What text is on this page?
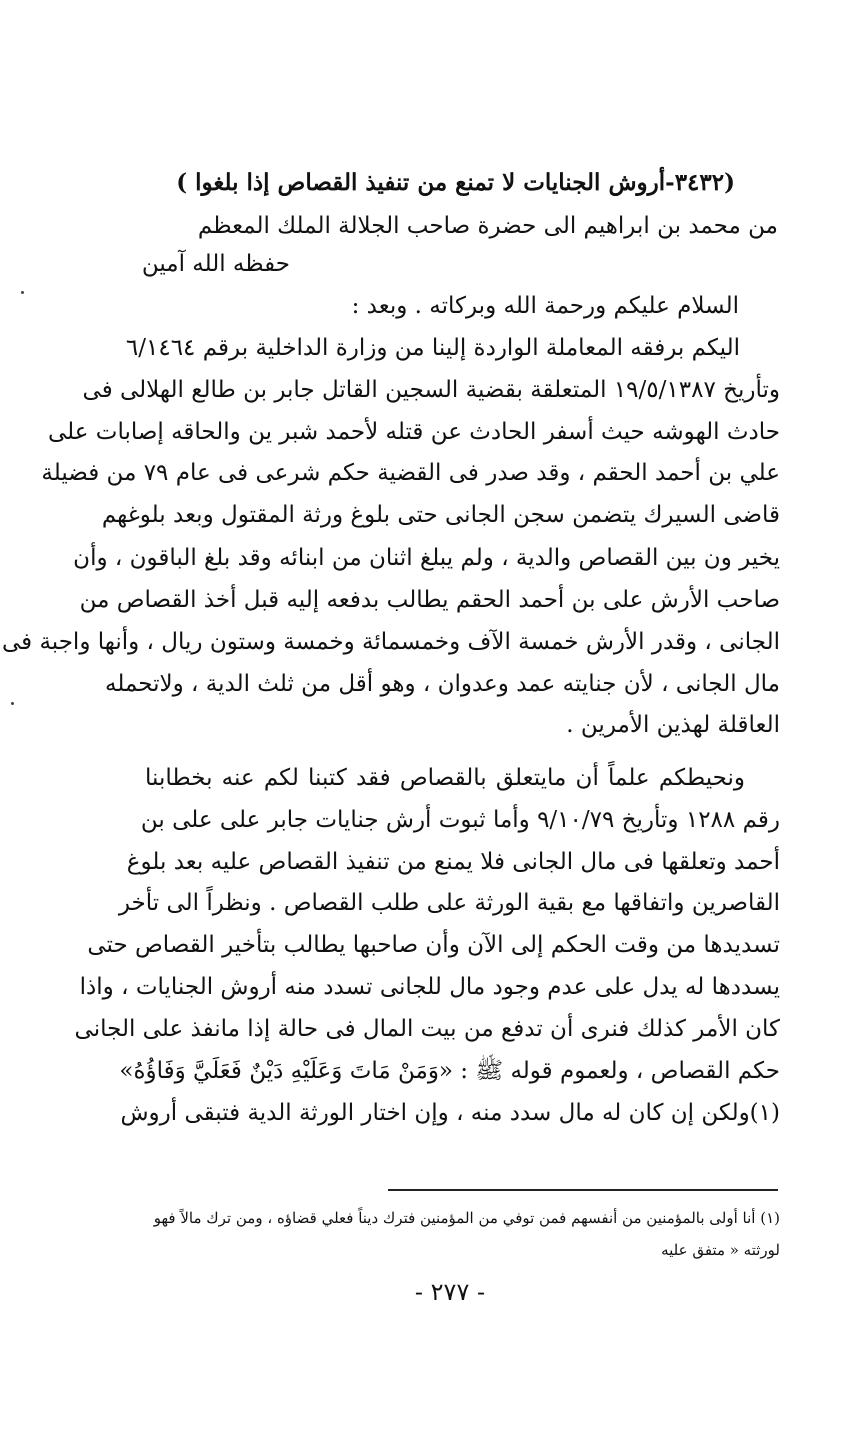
(٣٤٣٢-أروش الجنايات لا تمنع من تنفيذ القصاص إذا بلغوا )
من محمد بن ابراهيم الى حضرة صاحب الجلالة الملك المعظم
حفظه الله آمين
السلام عليكم ورحمة الله وبركاته . وبعد :
اليكم برفقه المعاملة الواردة إلينا من وزارة الداخلية برقم ٦/١٤٦٤
وتأريخ ١٩/٥/١٣٨٧ المتعلقة بقضية السجين القاتل جابر بن طالع الهلالى فى
حادث الهوشه حيث أسفر الحادث عن قتله لأحمد شبر ين والحاقه إصابات على
علي بن أحمد الحقم ، وقد صدر فى القضية حكم شرعى فى عام ٧٩ من فضيلة
قاضى السيرك يتضمن سجن الجانى حتى بلوغ ورثة المقتول وبعد بلوغهم
يخير ون بين القصاص والدية ، ولم يبلغ اثنان من ابنائه وقد بلغ الباقون ، وأن
صاحب الأرش على بن أحمد الحقم يطالب بدفعه إليه قبل أخذ القصاص من
الجانى ، وقدر الأرش خمسة الآف وخمسمائة وخمسة وستون ريال ، وأنها واجبة فى
مال الجانى ، لأن جنايته عمد وعدوان ، وهو أقل من ثلث الدية ، ولاتحمله
العاقلة لهذين الأمرين .
ونحيطكم علماً أن مايتعلق بالقصاص فقد كتبنا لكم عنه بخطابنا
رقم ١٢٨٨ وتأريخ ٩/١٠/٧٩ وأما ثبوت أرش جنايات جابر على على بن
أحمد وتعلقها فى مال الجانى فلا يمنع من تنفيذ القصاص عليه بعد بلوغ
القاصرين واتفاقها مع بقية الورثة على طلب القصاص . ونظراً الى تأخر
تسديدها من وقت الحكم إلى الآن وأن صاحبها يطالب بتأخير القصاص حتى
يسددها له يدل على عدم وجود مال للجانى تسدد منه أروش الجنايات ، واذا
كان الأمر كذلك فنرى أن تدفع من بيت المال فى حالة إذا مانفذ على الجانى
حكم القصاص ، ولعموم قوله ﷺ : «وَمَنْ مَاتَ وَعَلَيْهِ دَيْنٌ فَعَلَيَّ وَفَاؤُهُ»
(١)ولكن إن كان له مال سدد منه ، وإن اختار الورثة الدية فتبقى أروش
(١) أنا أولى بالمؤمنين من أنفسهم فمن توفي من المؤمنين فترك ديناً فعلي قضاؤه ، ومن ترك مالاً فهو
لورثته « متفق عليه
- ٢٧٧ -
